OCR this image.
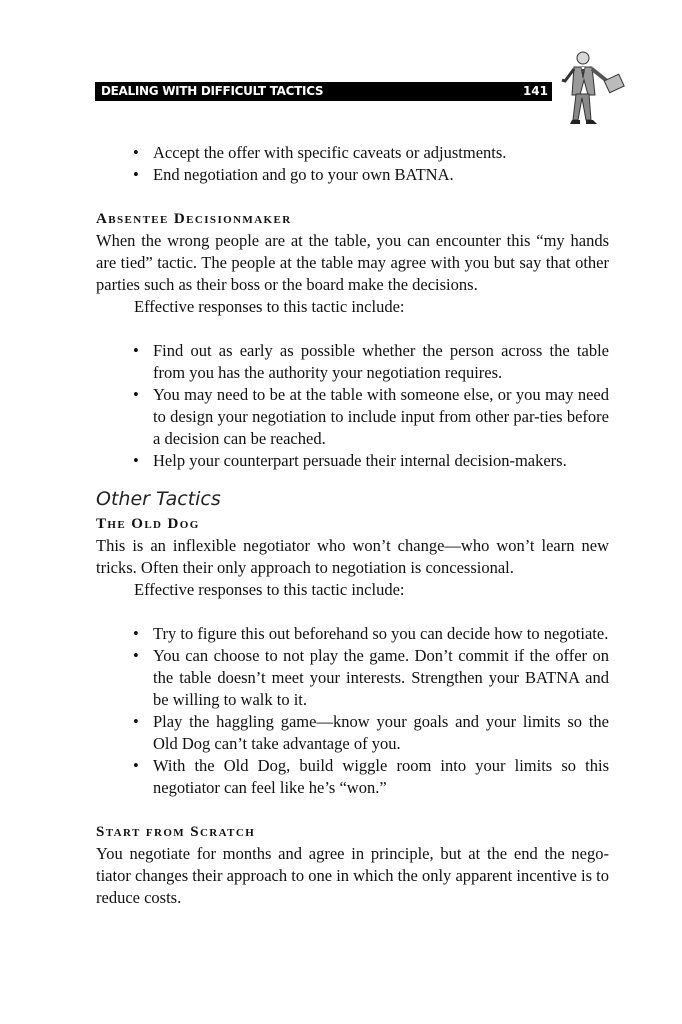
DEALING WITH DIFFICULT TACTICS	141
• Accept the offer with specific caveats or adjustments.
• End negotiation and go to your own BATNA.
Absentee Decisionmaker

When the wrong people are at the table, you can encounter this “my hands are tied” tactic. The people at the table may agree with you but say that other parties such as their boss or the board make the decisions.

Effective responses to this tactic include:

• Find out as early as possible whether the person across the table from you has the authority your negotiation requires.
• You may need to be at the table with someone else, or you may need to design your negotiation to include input from other par-ties before a decision can be reached.
• Help your counterpart persuade their internal decision-makers.
Other Tactics
The Old Dog

This is an inflexible negotiator who won’t change—who won’t learn new tricks. Often their only approach to negotiation is concessional.

Effective responses to this tactic include:

• Try to figure this out beforehand so you can decide how to negotiate.
• You can choose to not play the game. Don’t commit if the offer on the table doesn’t meet your interests. Strengthen your BATNA and be willing to walk to it.
• Play the haggling game—know your goals and your limits so the Old Dog can’t take advantage of you.
• With the Old Dog, build wiggle room into your limits so this negotiator can feel like he’s “won.”
Start from Scratch

You negotiate for months and agree in principle, but at the end the nego-tiator changes their approach to one in which the only apparent incentive is to reduce costs.
